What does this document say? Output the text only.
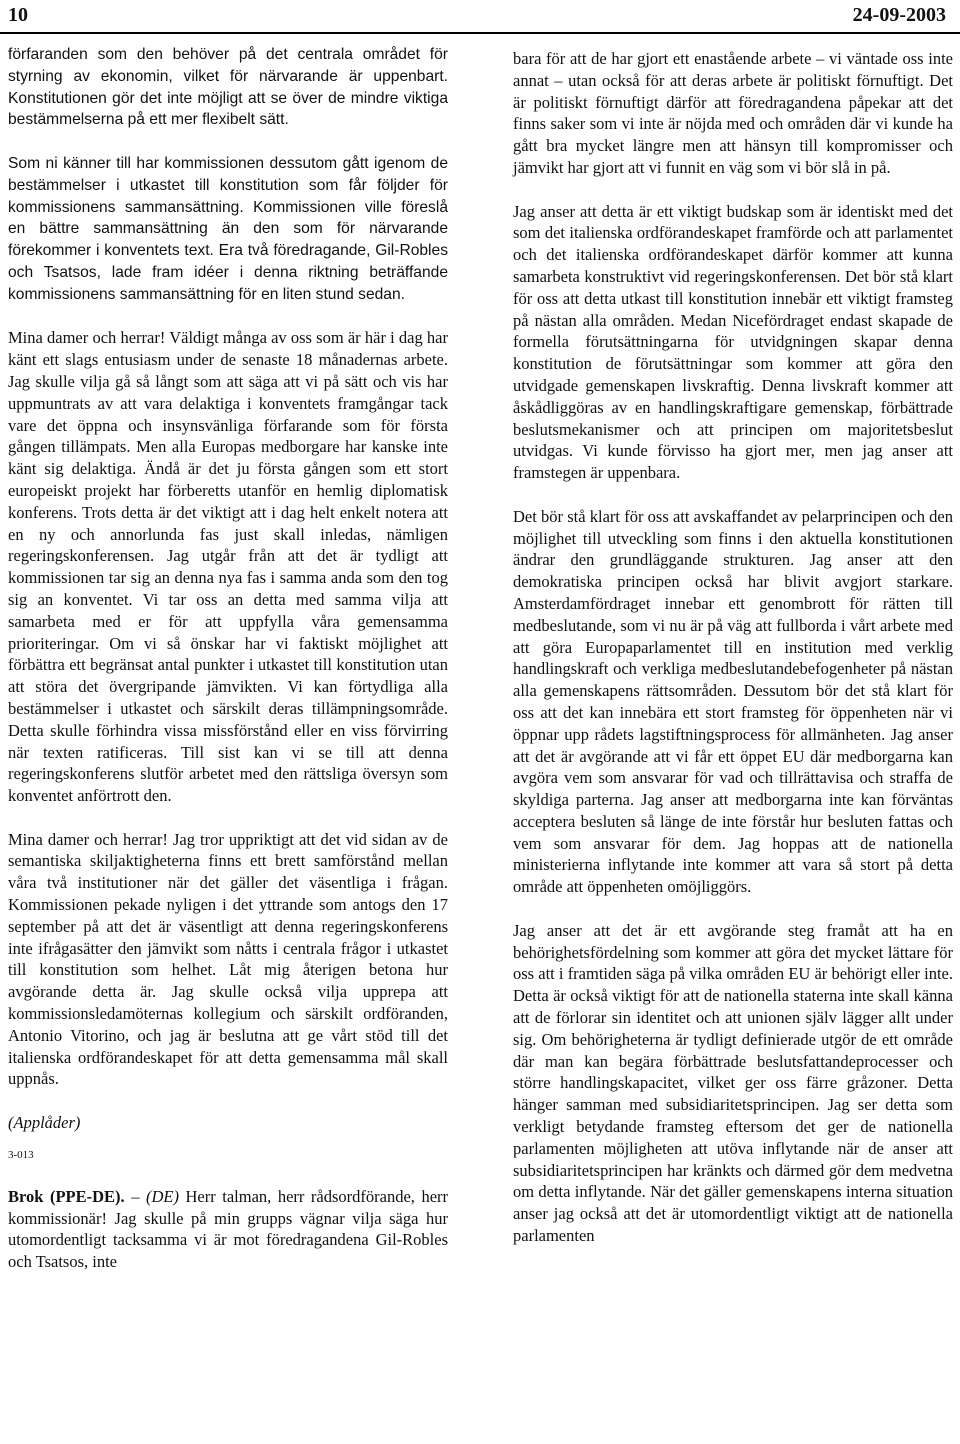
10	24-09-2003

förfaranden som den behöver på det centrala området för styrning av ekonomin, vilket för närvarande är uppenbart. Konstitutionen gör det inte möjligt att se över de mindre viktiga bestämmelserna på ett mer flexibelt sätt.

Som ni känner till har kommissionen dessutom gått igenom de bestämmelser i utkastet till konstitution som får följder för kommissionens sammansättning. Kommissionen ville föreslå en bättre sammansättning än den som för närvarande förekommer i konventets text. Era två föredragande, Gil-Robles och Tsatsos, lade fram idéer i denna riktning beträffande kommissionens sammansättning för en liten stund sedan.

Mina damer och herrar! Väldigt många av oss som är här i dag har känt ett slags entusiasm under de senaste 18 månadernas arbete. Jag skulle vilja gå så långt som att säga att vi på sätt och vis har uppmuntrats av att vara delaktiga i konventets framgångar tack vare det öppna och insynsvänliga förfarande som för första gången tillämpats. Men alla Europas medborgare har kanske inte känt sig delaktiga. Ändå är det ju första gången som ett stort europeiskt projekt har förberetts utanför en hemlig diplomatisk konferens. Trots detta är det viktigt att i dag helt enkelt notera att en ny och annorlunda fas just skall inledas, nämligen regeringskonferensen. Jag utgår från att det är tydligt att kommissionen tar sig an denna nya fas i samma anda som den tog sig an konventet. Vi tar oss an detta med samma vilja att samarbeta med er för att uppfylla våra gemensamma prioriteringar. Om vi så önskar har vi faktiskt möjlighet att förbättra ett begränsat antal punkter i utkastet till konstitution utan att störa det övergripande jämvikten. Vi kan förtydliga alla bestämmelser i utkastet och särskilt deras tillämpningsområde. Detta skulle förhindra vissa missförstånd eller en viss förvirring när texten ratificeras. Till sist kan vi se till att denna regeringskonferens slutför arbetet med den rättsliga översyn som konventet anförtrott den.

Mina damer och herrar! Jag tror uppriktigt att det vid sidan av de semantiska skiljaktigheterna finns ett brett samförstånd mellan våra två institutioner när det gäller det väsentliga i frågan. Kommissionen pekade nyligen i det yttrande som antogs den 17 september på att det är väsentligt att denna regeringskonferens inte ifrågasätter den jämvikt som nåtts i centrala frågor i utkastet till konstitution som helhet. Låt mig återigen betona hur avgörande detta är. Jag skulle också vilja upprepa att kommissionsledamöternas kollegium och särskilt ordföranden, Antonio Vitorino, och jag är beslutna att ge vårt stöd till det italienska ordförandeskapet för att detta gemensamma mål skall uppnås.

(Applåder)

3-013

Brok (PPE-DE). – (DE) Herr talman, herr rådsordförande, herr kommissionär! Jag skulle på min grupps vägnar vilja säga hur utomordentligt tacksamma vi är mot föredragandena Gil-Robles och Tsatsos, inte

bara för att de har gjort ett enastående arbete – vi väntade oss inte annat – utan också för att deras arbete är politiskt förnuftigt. Det är politiskt förnuftigt därför att föredragandena påpekar att det finns saker som vi inte är nöjda med och områden där vi kunde ha gått bra mycket längre men att hänsyn till kompromisser och jämvikt har gjort att vi funnit en väg som vi bör slå in på.

Jag anser att detta är ett viktigt budskap som är identiskt med det som det italienska ordförandeskapet framförde och att parlamentet och det italienska ordförandeskapet därför kommer att kunna samarbeta konstruktivt vid regeringskonferensen. Det bör stå klart för oss att detta utkast till konstitution innebär ett viktigt framsteg på nästan alla områden. Medan Nicefördraget endast skapade de formella förutsättningarna för utvidgningen skapar denna konstitution de förutsättningar som kommer att göra den utvidgade gemenskapen livskraftig. Denna livskraft kommer att åskådliggöras av en handlingskraftigare gemenskap, förbättrade beslutsmekanismer och att principen om majoritetsbeslut utvidgas. Vi kunde förvisso ha gjort mer, men jag anser att framstegen är uppenbara.

Det bör stå klart för oss att avskaffandet av pelarprincipen och den möjlighet till utveckling som finns i den aktuella konstitutionen ändrar den grundläggande strukturen. Jag anser att den demokratiska principen också har blivit avgjort starkare. Amsterdamfördraget innebar ett genombrott för rätten till medbeslutande, som vi nu är på väg att fullborda i vårt arbete med att göra Europaparlamentet till en institution med verklig handlingskraft och verkliga medbeslutandebefogenheter på nästan alla gemenskapens rättsområden. Dessutom bör det stå klart för oss att det kan innebära ett stort framsteg för öppenheten när vi öppnar upp rådets lagstiftningsprocess för allmänheten. Jag anser att det är avgörande att vi får ett öppet EU där medborgarna kan avgöra vem som ansvarar för vad och tillrättavisa och straffa de skyldiga parterna. Jag anser att medborgarna inte kan förväntas acceptera besluten så länge de inte förstår hur besluten fattas och vem som ansvarar för dem. Jag hoppas att de nationella ministerierna inflytande inte kommer att vara så stort på detta område att öppenheten omöjliggörs.

Jag anser att det är ett avgörande steg framåt att ha en behörighetsfördelning som kommer att göra det mycket lättare för oss att i framtiden säga på vilka områden EU är behörigt eller inte. Detta är också viktigt för att de nationella staterna inte skall känna att de förlorar sin identitet och att unionen själv lägger allt under sig. Om behörigheterna är tydligt definierade utgör de ett område där man kan begära förbättrade beslutsfattandeprocesser och större handlingskapacitet, vilket ger oss färre gråzoner. Detta hänger samman med subsidiaritetsprincipen. Jag ser detta som verkligt betydande framsteg eftersom det ger de nationella parlamenten möjligheten att utöva inflytande när de anser att subsidiaritetsprincipen har kränkts och därmed gör dem medvetna om detta inflytande. När det gäller gemenskapens interna situation anser jag också att det är utomordentligt viktigt att de nationella parlamenten
